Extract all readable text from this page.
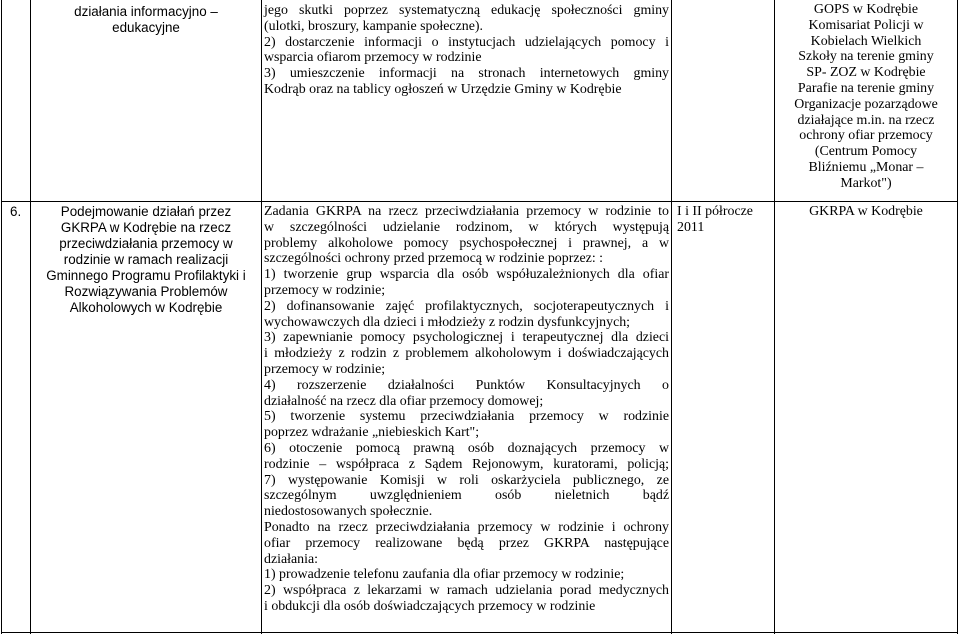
działania informacyjno –
edukacyjne
jego skutki poprzez systematyczną edukację społeczności gminy
(ulotki, broszury, kampanie społeczne).
2) dostarczenie informacji o instytucjach udzielających pomocy i
wsparcia ofiarom przemocy w rodzinie
3) umieszczenie informacji na stronach internetowych gminy
Kodrąb oraz na tablicy ogłoszeń w Urzędzie Gminy w Kodrębie
GOPS w Kodrębie
Komisariat Policji w
Kobielach Wielkich
Szkoły na terenie gminy
SP- ZOZ w Kodrębie
Parafie na terenie gminy
Organizacje pozarządowe
działające m.in. na rzecz
ochrony ofiar przemocy
(Centrum Pomocy
Bliźniemu „Monar –
Markot")
6.	Podejmowanie działań przez
GKRPA w Kodrębie na rzecz
przeciwdziałania przemocy w
rodzinie w ramach realizacji
Gminnego Programu Profilaktyki i
Rozwiązywania Problemów
Alkoholowych w Kodrębie
Zadania GKRPA na rzecz przeciwdziałania przemocy w rodzinie to
w szczególności udzielanie rodzinom, w których występują
problemy alkoholowe pomocy psychospołecznej i prawnej, a w
szczególności ochrony przed przemocą w rodzinie poprzez: :
1) tworzenie grup wsparcia dla osób współuzależnionych dla ofiar
przemocy w rodzinie;
2) dofinansowanie zajęć profilaktycznych, socjoterapeutycznych i
wychowawczych dla dzieci i młodzieży z rodzin dysfunkcyjnych;
3) zapewnianie pomocy psychologicznej i terapeutycznej dla dzieci
i młodzieży z rodzin z problemem alkoholowym i doświadczających
przemocy w rodzinie;
4) rozszerzenie działalności Punktów Konsultacyjnych o
działalność na rzecz dla ofiar przemocy domowej;
5) tworzenie systemu przeciwdziałania przemocy w rodzinie
poprzez wdrażanie „niebieskich Kart";
6) otoczenie pomocą prawną osób doznających przemocy w
rodzinie – współpraca z Sądem Rejonowym, kuratorami, policją;
7) występowanie Komisji w roli oskarżyciela publicznego, ze
szczególnym uwzględnieniem osób nieletnich bądź
niedostosowanych społecznie.
Ponadto na rzecz przeciwdziałania przemocy w rodzinie i ochrony
ofiar przemocy realizowane będą przez GKRPA następujące
działania:
1) prowadzenie telefonu zaufania dla ofiar przemocy w rodzinie;
2) współpraca z lekarzami w ramach udzielania porad medycznych
i obdukcji dla osób doświadczających przemocy w rodzinie
I i II półrocze
2011
GKRPA w Kodrębie
